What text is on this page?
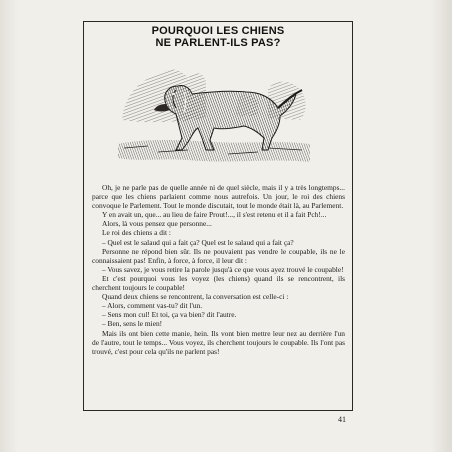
POURQUOI LES CHIENS
NE PARLENT-ILS PAS?

Oh, je ne parle pas de quelle année ni de quel siècle, mais il y a très longtemps... parce que les chiens parlaient comme nous autrefois. Un jour, le roi des chiens convoque le Parlement. Tout le monde discutait, tout le monde était là, au Parlement.

Y en avait un, que... au lieu de faire Prout!..., il s'est retenu et il a fait Pch!...

Alors, là vous pensez que personne...

Le roi des chiens a dit :

– Quel est le salaud qui a fait ça? Quel est le salaud qui a fait ça?

Personne ne répond bien sûr. Ils ne pouvaient pas vendre le coupable, ils ne le connaissaient pas! Enfin, à force, à force, il leur dit :

– Vous savez, je vous retire la parole jusqu'à ce que vous ayez trouvé le coupable!

Et c'est pourquoi vous les voyez (les chiens) quand ils se rencontrent, ils cherchent toujours le coupable!

Quand deux chiens se rencontrent, la conversation est celle-ci :

– Alors, comment vas-tu? dit l'un.

– Sens mon cul! Et toi, ça va bien? dit l'autre.

– Ben, sens le mien!

Mais ils ont bien cette manie, hein. Ils vont bien mettre leur nez au derrière l'un de l'autre, tout le temps... Vous voyez, ils cherchent toujours le coupable. Ils l'ont pas trouvé, c'est pour cela qu'ils ne parlent pas!

41
